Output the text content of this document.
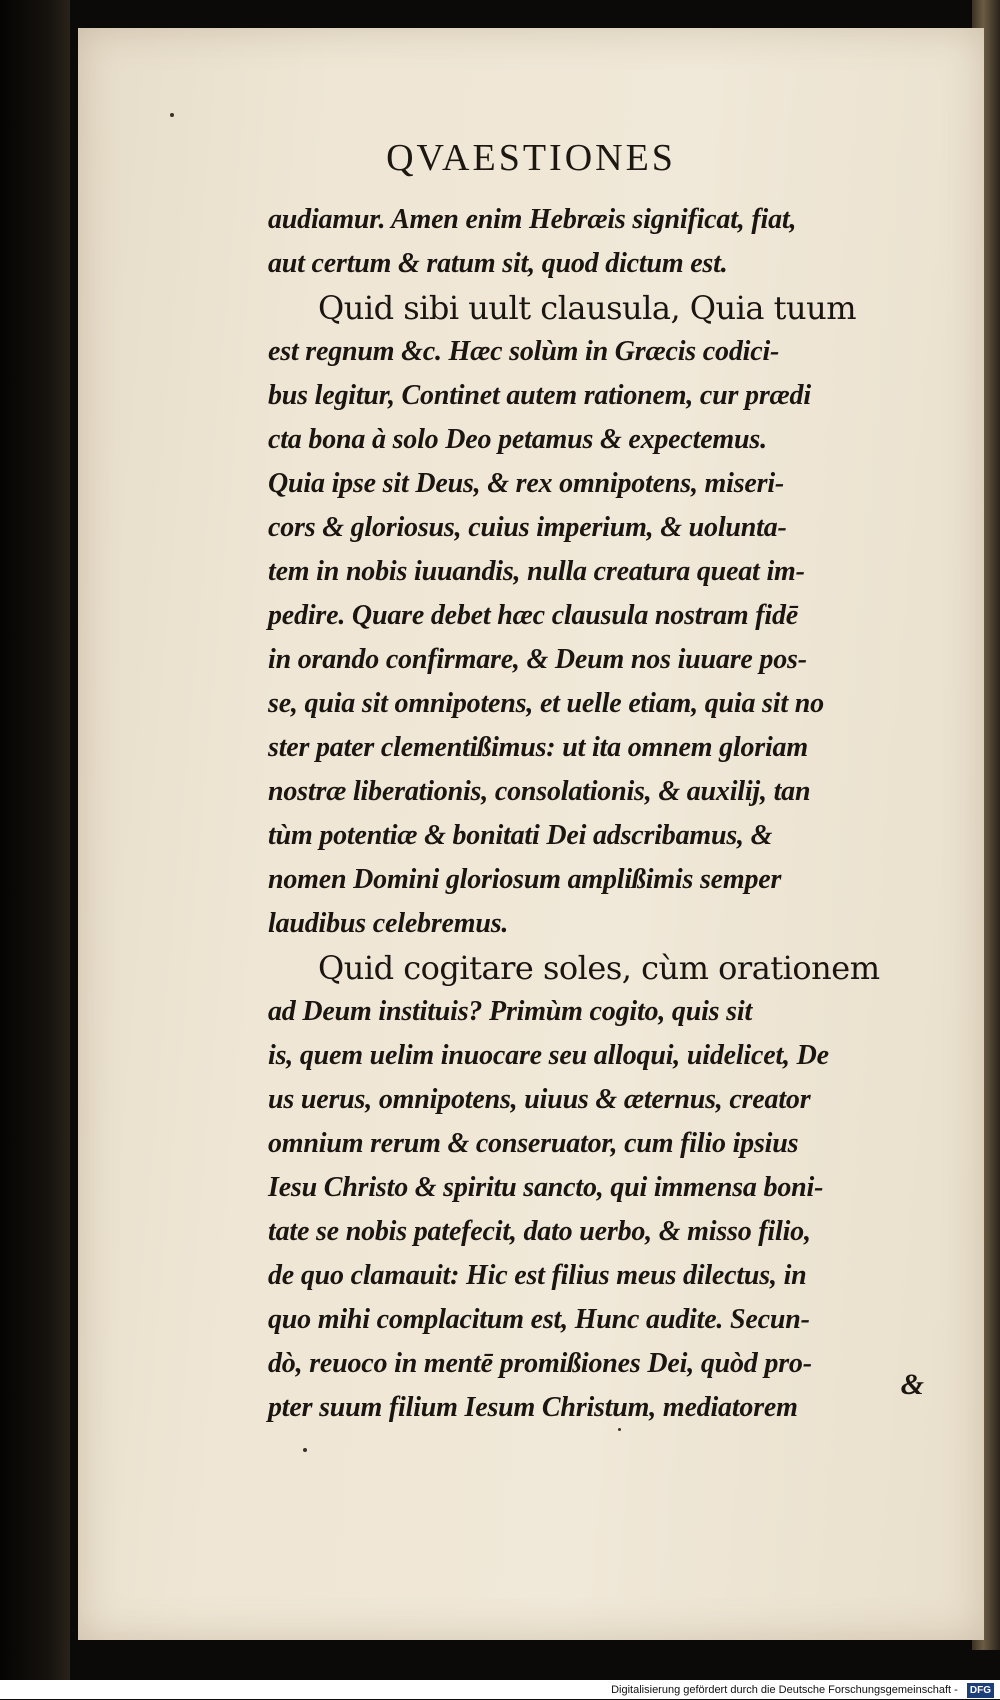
QVAESTIONES
audiamur. Amen enim Hebræis significat, fiat,
aut certum & ratum sit, quod dictum est.
Quid sibi uult clausula, Quia tuum
est regnum &c. Hæc solùm in Græcis codici-
bus legitur, Continet autem rationem, cur prædi
cta bona à solo Deo petamus & expectemus.
Quia ipse sit Deus, & rex omnipotens, miseri-
cors & gloriosus, cuius imperium, & uolunta-
tem in nobis iuuandis, nulla creatura queat im-
pedire. Quare debet hæc clausula nostram fidē
in orando confirmare, & Deum nos iuuare pos-
se, quia sit omnipotens, et uelle etiam, quia sit no
ster pater clementißimus: ut ita omnem gloriam
nostræ liberationis, consolationis, & auxilij, tan
tùm potentiæ & bonitati Dei adscribamus, &
nomen Domini gloriosum amplißimis semper
laudibus celebremus.
Quid cogitare soles, cùm orationem
ad Deum instituis? Primùm cogito, quis sit
is, quem uelim inuocare seu alloqui, uidelicet, De
us uerus, omnipotens, uiuus & æternus, creator
omnium rerum & conseruator, cum filio ipsius
Iesu Christo & spiritu sancto, qui immensa boni-
tate se nobis patefecit, dato uerbo, & misso filio,
de quo clamauit: Hic est filius meus dilectus, in
quo mihi complacitum est, Hunc audite. Secun-
dò, reuoco in mentē promißiones Dei, quòd pro-
pter suum filium Iesum Christum, mediatorem
&
Digitalisierung gefördert durch die Deutsche Forschungsgemeinschaft - DFG
